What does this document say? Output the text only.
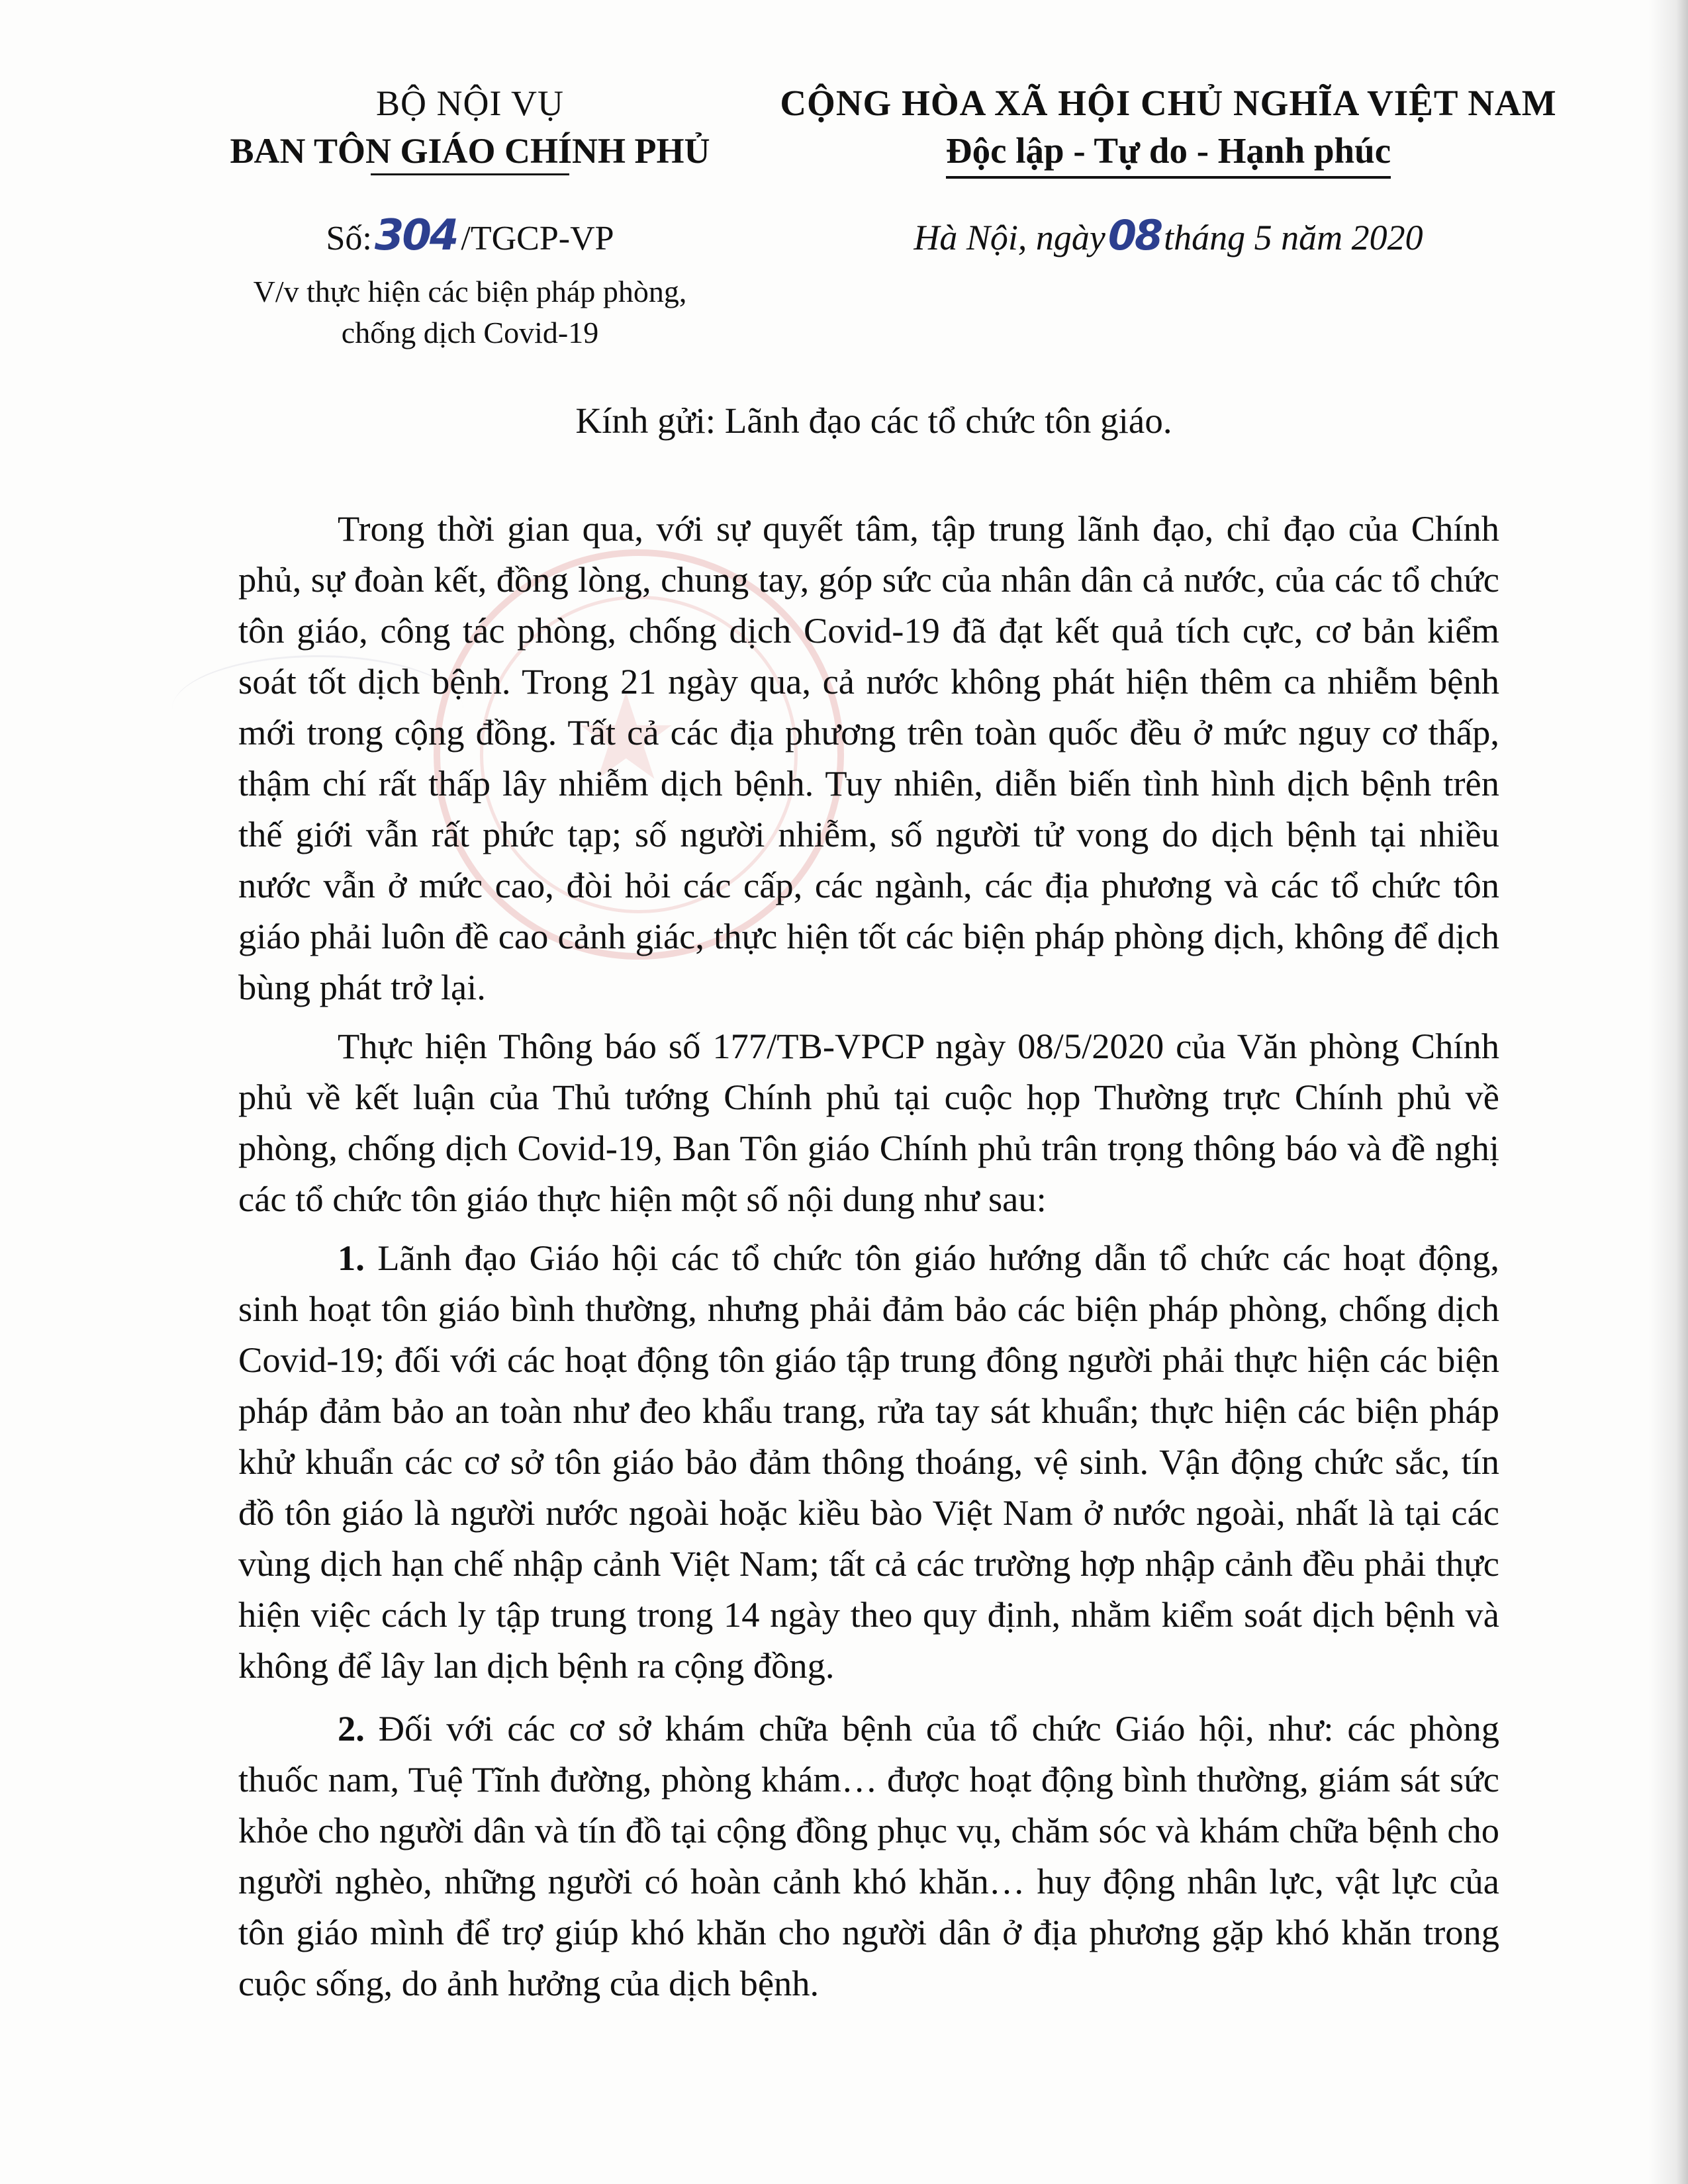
★
BỘ NỘI VỤ
BAN TÔN GIÁO CHÍNH PHỦ
CỘNG HÒA XÃ HỘI CHỦ NGHĨA VIỆT NAM
Độc lập - Tự do - Hạnh phúc
Số:304 /TGCP-VP
V/v thực hiện các biện pháp phòng,
chống dịch Covid-19
Hà Nội, ngày08tháng 5 năm 2020
Kính gửi: Lãnh đạo các tổ chức tôn giáo.

Trong thời gian qua, với sự quyết tâm, tập trung lãnh đạo, chỉ đạo của Chính phủ, sự đoàn kết, đồng lòng, chung tay, góp sức của nhân dân cả nước, của các tổ chức tôn giáo, công tác phòng, chống dịch Covid-19 đã đạt kết quả tích cực, cơ bản kiểm soát tốt dịch bệnh. Trong 21 ngày qua, cả nước không phát hiện thêm ca nhiễm bệnh mới trong cộng đồng. Tất cả các địa phương trên toàn quốc đều ở mức nguy cơ thấp, thậm chí rất thấp lây nhiễm dịch bệnh. Tuy nhiên, diễn biến tình hình dịch bệnh trên thế giới vẫn rất phức tạp; số người nhiễm, số người tử vong do dịch bệnh tại nhiều nước vẫn ở mức cao, đòi hỏi các cấp, các ngành, các địa phương và các tổ chức tôn giáo phải luôn đề cao cảnh giác, thực hiện tốt các biện pháp phòng dịch, không để dịch bùng phát trở lại.

Thực hiện Thông báo số 177/TB-VPCP ngày 08/5/2020 của Văn phòng Chính phủ về kết luận của Thủ tướng Chính phủ tại cuộc họp Thường trực Chính phủ về phòng, chống dịch Covid-19, Ban Tôn giáo Chính phủ trân trọng thông báo và đề nghị các tổ chức tôn giáo thực hiện một số nội dung như sau:

1. Lãnh đạo Giáo hội các tổ chức tôn giáo hướng dẫn tổ chức các hoạt động, sinh hoạt tôn giáo bình thường, nhưng phải đảm bảo các biện pháp phòng, chống dịch Covid-19; đối với các hoạt động tôn giáo tập trung đông người phải thực hiện các biện pháp đảm bảo an toàn như đeo khẩu trang, rửa tay sát khuẩn; thực hiện các biện pháp khử khuẩn các cơ sở tôn giáo bảo đảm thông thoáng, vệ sinh. Vận động chức sắc, tín đồ tôn giáo là người nước ngoài hoặc kiều bào Việt Nam ở nước ngoài, nhất là tại các vùng dịch hạn chế nhập cảnh Việt Nam; tất cả các trường hợp nhập cảnh đều phải thực hiện việc cách ly tập trung trong 14 ngày theo quy định, nhằm kiểm soát dịch bệnh và không để lây lan dịch bệnh ra cộng đồng.

2. Đối với các cơ sở khám chữa bệnh của tổ chức Giáo hội, như: các phòng thuốc nam, Tuệ Tĩnh đường, phòng khám… được hoạt động bình thường, giám sát sức khỏe cho người dân và tín đồ tại cộng đồng phục vụ, chăm sóc và khám chữa bệnh cho người nghèo, những người có hoàn cảnh khó khăn… huy động nhân lực, vật lực của tôn giáo mình để trợ giúp khó khăn cho người dân ở địa phương gặp khó khăn trong cuộc sống, do ảnh hưởng của dịch bệnh.
